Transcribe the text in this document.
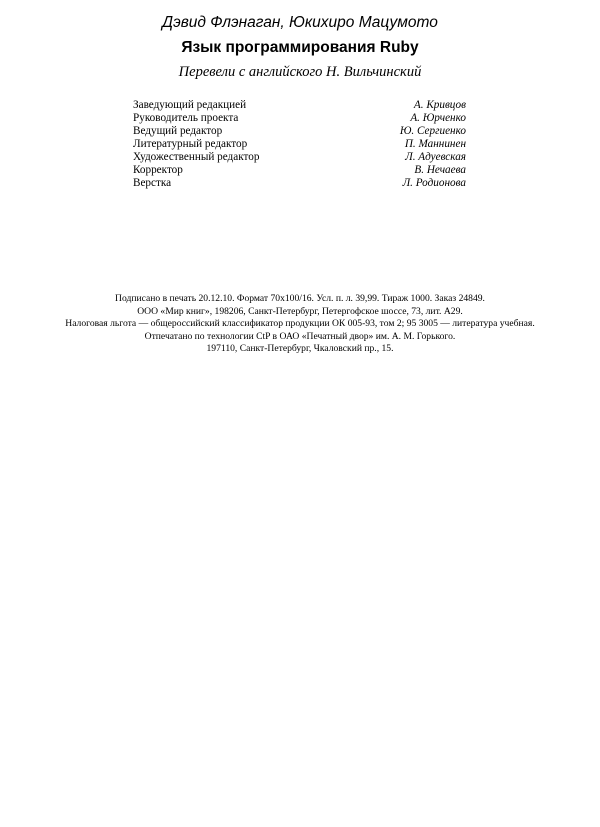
Дэвид Флэнаган, Юкихиро Мацумото

Язык программирования Ruby

Перевели с английского Н. Вильчинский

Заведующий редакцией	А. Кривцов
Руководитель проекта	А. Юрченко
Ведущий редактор	Ю. Сергиенко
Литературный редактор	П. Маннинен
Художественный редактор	Л. Адуевская
Корректор	В. Нечаева
Верстка	Л. Родионова
Подписано в печать 20.12.10. Формат 70х100/16. Усл. п. л. 39,99. Тираж 1000. Заказ 24849.
ООО «Мир книг», 198206, Санкт-Петербург, Петергофское шоссе, 73, лит. А29.
Налоговая льгота — общероссийский классификатор продукции ОК 005-93, том 2; 95 3005 — литература учебная.
Отпечатано по технологии CtP в ОАО «Печатный двор» им. А. М. Горького.
197110, Санкт-Петербург, Чкаловский пр., 15.
